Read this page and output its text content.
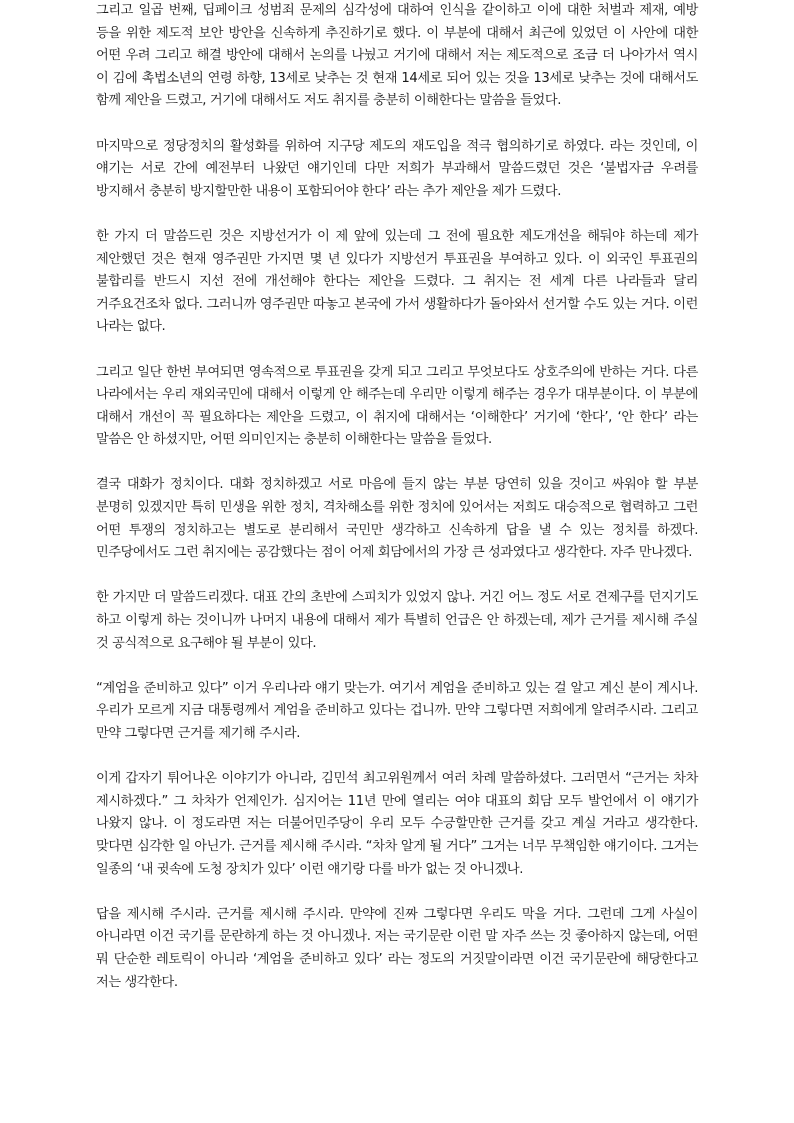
그리고 일곱 번째, 딥페이크 성범죄 문제의 심각성에 대하여 인식을 같이하고 이에 대한 처벌과 제재, 예방 등을 위한 제도적 보안 방안을 신속하게 추진하기로 했다. 이 부분에 대해서 최근에 있었던 이 사안에 대한 어떤 우려 그리고 해결 방안에 대해서 논의를 나눴고 거기에 대해서 저는 제도적으로 조금 더 나아가서 역시 이 김에 촉법소년의 연령 하향, 13세로 낮추는 것 현재 14세로 되어 있는 것을 13세로 낮추는 것에 대해서도 함께 제안을 드렸고, 거기에 대해서도 저도 취지를 충분히 이해한다는 말씀을 들었다.

마지막으로 정당정치의 활성화를 위하여 지구당 제도의 재도입을 적극 협의하기로 하였다. 라는 것인데, 이 얘기는 서로 간에 예전부터 나왔던 얘기인데 다만 저희가 부과해서 말씀드렸던 것은 ‘불법자금 우려를 방지해서 충분히 방지할만한 내용이 포함되어야 한다’ 라는 추가 제안을 제가 드렸다.

한 가지 더 말씀드린 것은 지방선거가 이 제 앞에 있는데 그 전에 필요한 제도개선을 해둬야 하는데 제가 제안했던 것은 현재 영주권만 가지면 몇 년 있다가 지방선거 투표권을 부여하고 있다. 이 외국인 투표권의 불합리를 반드시 지선 전에 개선해야 한다는 제안을 드렸다. 그 취지는 전 세계 다른 나라들과 달리 거주요건조차 없다. 그러니까 영주권만 따놓고 본국에 가서 생활하다가 돌아와서 선거할 수도 있는 거다. 이런 나라는 없다.

그리고 일단 한번 부여되면 영속적으로 투표권을 갖게 되고 그리고 무엇보다도 상호주의에 반하는 거다. 다른 나라에서는 우리 재외국민에 대해서 이렇게 안 해주는데 우리만 이렇게 해주는 경우가 대부분이다. 이 부분에 대해서 개선이 꼭 필요하다는 제안을 드렸고, 이 취지에 대해서는 ‘이해한다’ 거기에 ‘한다’, ‘안 한다’ 라는 말씀은 안 하셨지만, 어떤 의미인지는 충분히 이해한다는 말씀을 들었다.

결국 대화가 정치이다. 대화 정치하겠고 서로 마음에 들지 않는 부분 당연히 있을 것이고 싸워야 할 부분 분명히 있겠지만 특히 민생을 위한 정치, 격차해소를 위한 정치에 있어서는 저희도 대승적으로 협력하고 그런 어떤 투쟁의 정치하고는 별도로 분리해서 국민만 생각하고 신속하게 답을 낼 수 있는 정치를 하겠다. 민주당에서도 그런 취지에는 공감했다는 점이 어제 회담에서의 가장 큰 성과였다고 생각한다. 자주 만나겠다.

한 가지만 더 말씀드리겠다. 대표 간의 초반에 스피치가 있었지 않나. 거긴 어느 정도 서로 견제구를 던지기도 하고 이렇게 하는 것이니까 나머지 내용에 대해서 제가 특별히 언급은 안 하겠는데, 제가 근거를 제시해 주실 것 공식적으로 요구해야 될 부분이 있다.

“계엄을 준비하고 있다” 이거 우리나라 얘기 맞는가. 여기서 계엄을 준비하고 있는 걸 알고 계신 분이 계시나. 우리가 모르게 지금 대통령께서 계엄을 준비하고 있다는 겁니까. 만약 그렇다면 저희에게 알려주시라. 그리고 만약 그렇다면 근거를 제기해 주시라.

이게 갑자기 튀어나온 이야기가 아니라, 김민석 최고위원께서 여러 차례 말씀하셨다. 그러면서 “근거는 차차 제시하겠다.” 그 차차가 언제인가. 심지어는 11년 만에 열리는 여야 대표의 회담 모두 발언에서 이 얘기가 나왔지 않나. 이 정도라면 저는 더불어민주당이 우리 모두 수긍할만한 근거를 갖고 계실 거라고 생각한다. 맞다면 심각한 일 아닌가. 근거를 제시해 주시라. “차차 알게 될 거다” 그거는 너무 무책임한 얘기이다. 그거는 일종의 ‘내 귓속에 도청 장치가 있다’ 이런 얘기랑 다를 바가 없는 것 아니겠나.

답을 제시해 주시라. 근거를 제시해 주시라. 만약에 진짜 그렇다면 우리도 막을 거다. 그런데 그게 사실이 아니라면 이건 국기를 문란하게 하는 것 아니겠나. 저는 국기문란 이런 말 자주 쓰는 것 좋아하지 않는데, 어떤 뭐 단순한 레토릭이 아니라 ‘계엄을 준비하고 있다’ 라는 정도의 거짓말이라면 이건 국기문란에 해당한다고 저는 생각한다.
